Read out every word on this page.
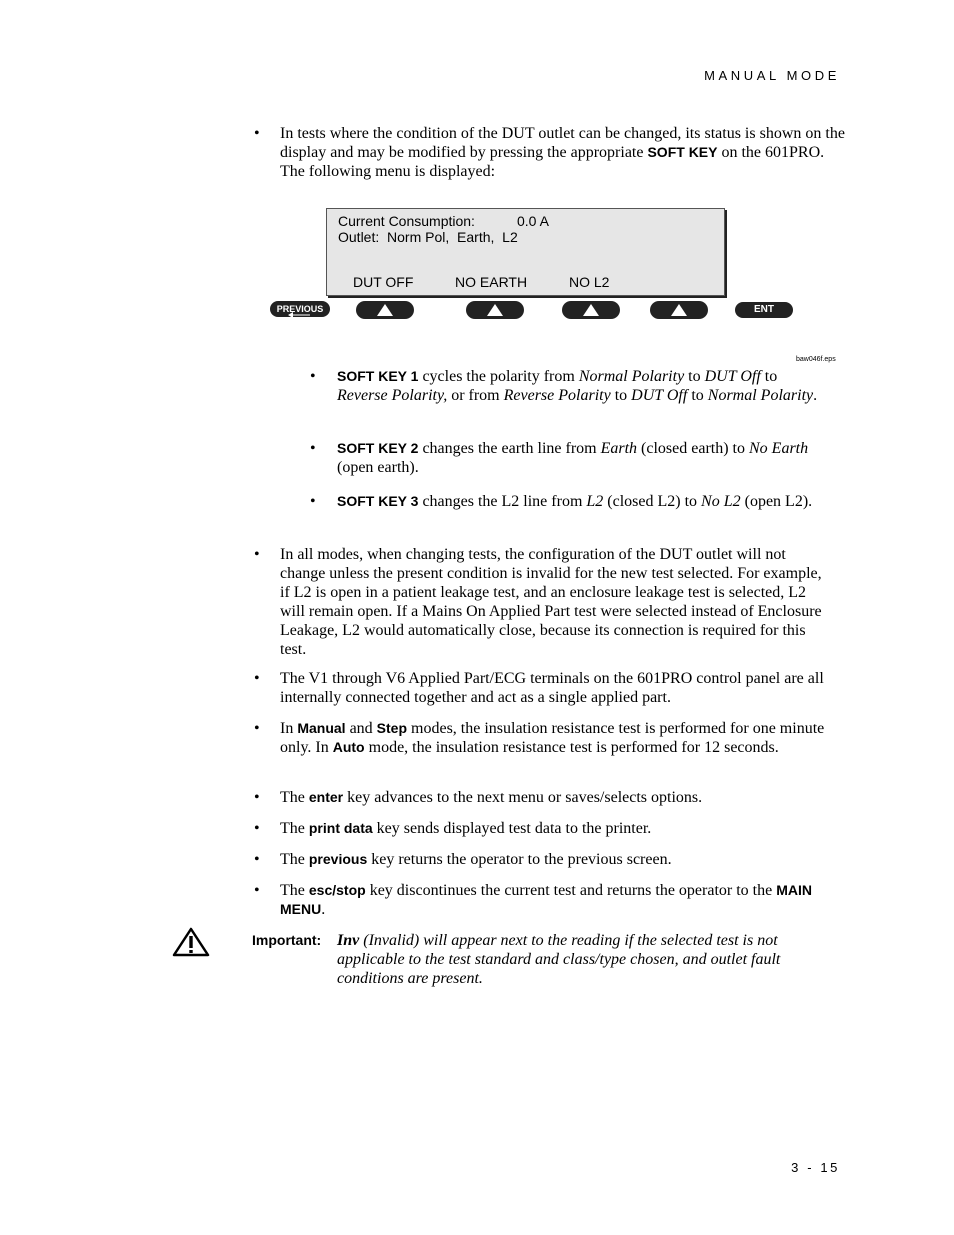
MANUAL MODE
• In tests where the condition of the DUT outlet can be changed, its status is shown on the display and may be modified by pressing the appropriate SOFT KEY on the 601PRO. The following menu is displayed:
Current Consumption:	0.0 A
Outlet:  Norm Pol,  Earth,  L2
DUT OFF	NO EARTH	NO L2
PREVIOUS	ENT
baw046f.eps
• SOFT KEY 1 cycles the polarity from Normal Polarity to DUT Off to Reverse Polarity, or from Reverse Polarity to DUT Off to Normal Polarity.
• SOFT KEY 2 changes the earth line from Earth (closed earth) to No Earth (open earth).
• SOFT KEY 3 changes the L2 line from L2 (closed L2) to No L2 (open L2).
• In all modes, when changing tests, the configuration of the DUT outlet will not change unless the present condition is invalid for the new test selected. For example, if L2 is open in a patient leakage test, and an enclosure leakage test is selected, L2 will remain open. If a Mains On Applied Part test were selected instead of Enclosure Leakage, L2 would automatically close, because its connection is required for this test.
• The V1 through V6 Applied Part/ECG terminals on the 601PRO control panel are all internally connected together and act as a single applied part.
• In Manual and Step modes, the insulation resistance test is performed for one minute only. In Auto mode, the insulation resistance test is performed for 12 seconds.
• The enter key advances to the next menu or saves/selects options.
• The print data key sends displayed test data to the printer.
• The previous key returns the operator to the previous screen.
• The esc/stop key discontinues the current test and returns the operator to the MAIN MENU.
Important: Inv (Invalid) will appear next to the reading if the selected test is not applicable to the test standard and class/type chosen, and outlet fault conditions are present.
3 - 15
